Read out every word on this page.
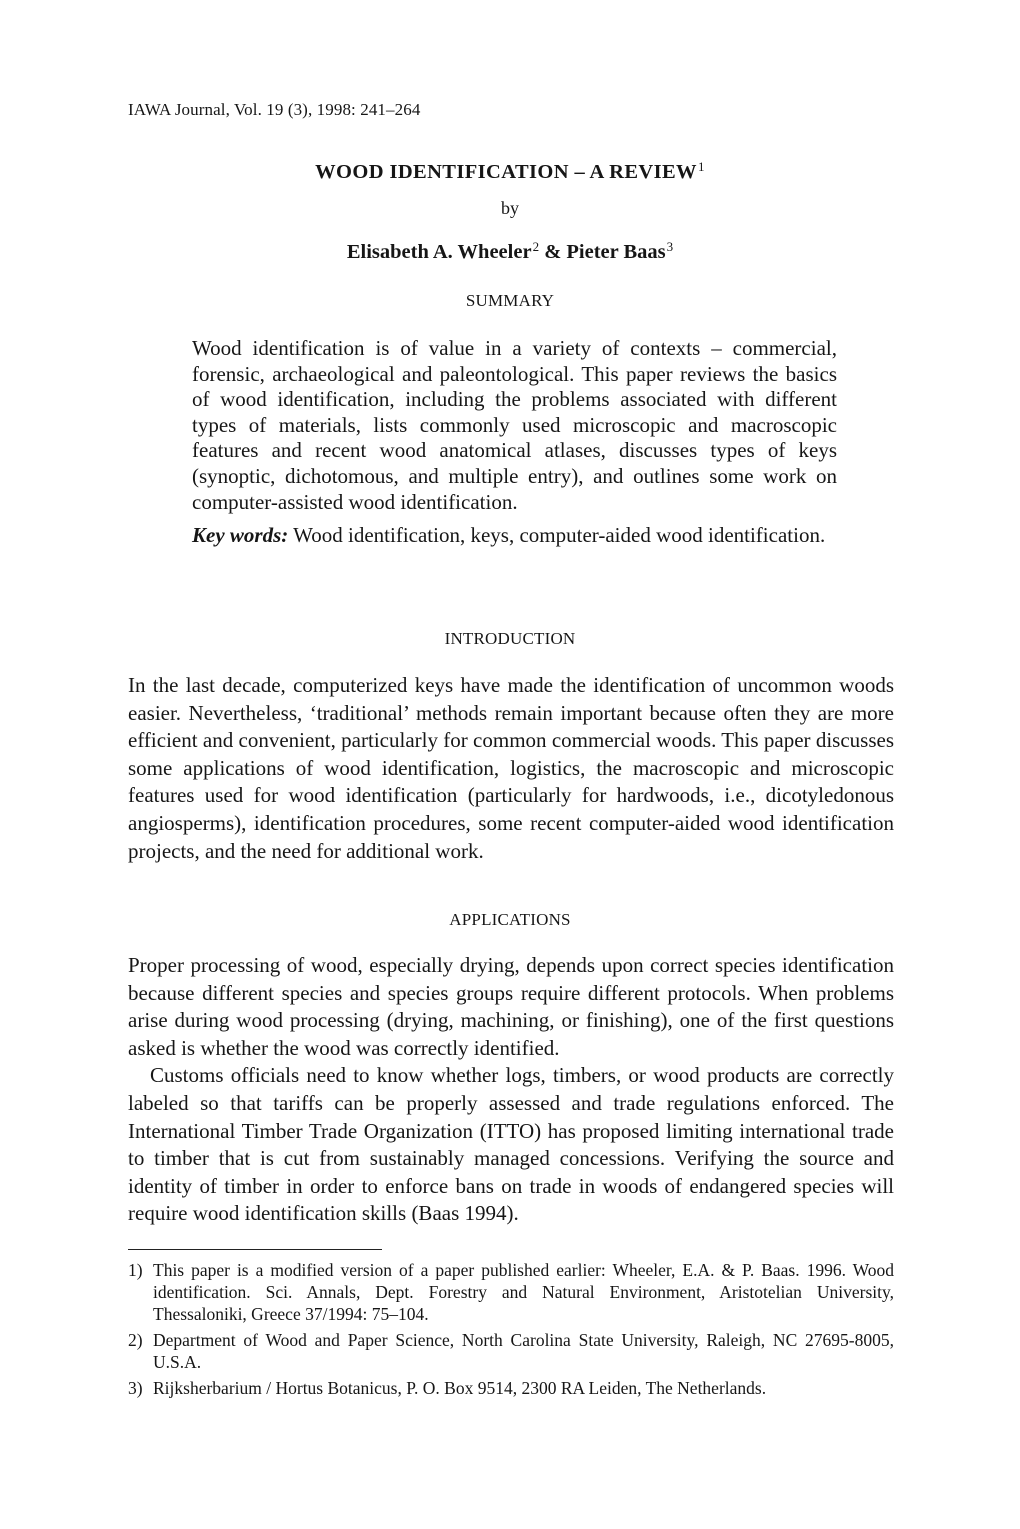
IAWA Journal, Vol. 19 (3), 1998: 241–264
WOOD IDENTIFICATION – A REVIEW$^1$
by
Elisabeth A. Wheeler$^2$ & Pieter Baas$^3$
SUMMARY

Wood identification is of value in a variety of contexts – commercial, forensic, archaeological and paleontological. This paper reviews the basics of wood identification, including the problems associated with different types of materials, lists commonly used microscopic and macroscopic features and recent wood anatomical atlases, discusses types of keys (synoptic, dichotomous, and multiple entry), and outlines some work on computer-assisted wood identification.

Key words: Wood identification, keys, computer-aided wood identification.

INTRODUCTION

In the last decade, computerized keys have made the identification of uncommon woods easier. Nevertheless, ‘traditional’ methods remain important because often they are more efficient and convenient, particularly for common commercial woods. This paper discusses some applications of wood identification, logistics, the macroscopic and microscopic features used for wood identification (particularly for hardwoods, i.e., dicotyledonous angiosperms), identification procedures, some recent computer-aided wood identification projects, and the need for additional work.

APPLICATIONS

Proper processing of wood, especially drying, depends upon correct species identification because different species and species groups require different protocols. When problems arise during wood processing (drying, machining, or finishing), one of the first questions asked is whether the wood was correctly identified.

Customs officials need to know whether logs, timbers, or wood products are correctly labeled so that tariffs can be properly assessed and trade regulations enforced. The International Timber Trade Organization (ITTO) has proposed limiting international trade to timber that is cut from sustainably managed concessions. Verifying the source and identity of timber in order to enforce bans on trade in woods of endangered species will require wood identification skills (Baas 1994).

1) This paper is a modified version of a paper published earlier: Wheeler, E.A. & P. Baas. 1996. Wood identification. Sci. Annals, Dept. Forestry and Natural Environment, Aristotelian University, Thessaloniki, Greece 37/1994: 75–104.
2) Department of Wood and Paper Science, North Carolina State University, Raleigh, NC 27695-8005, U.S.A.
3) Rijksherbarium / Hortus Botanicus, P. O. Box 9514, 2300 RA Leiden, The Netherlands.
